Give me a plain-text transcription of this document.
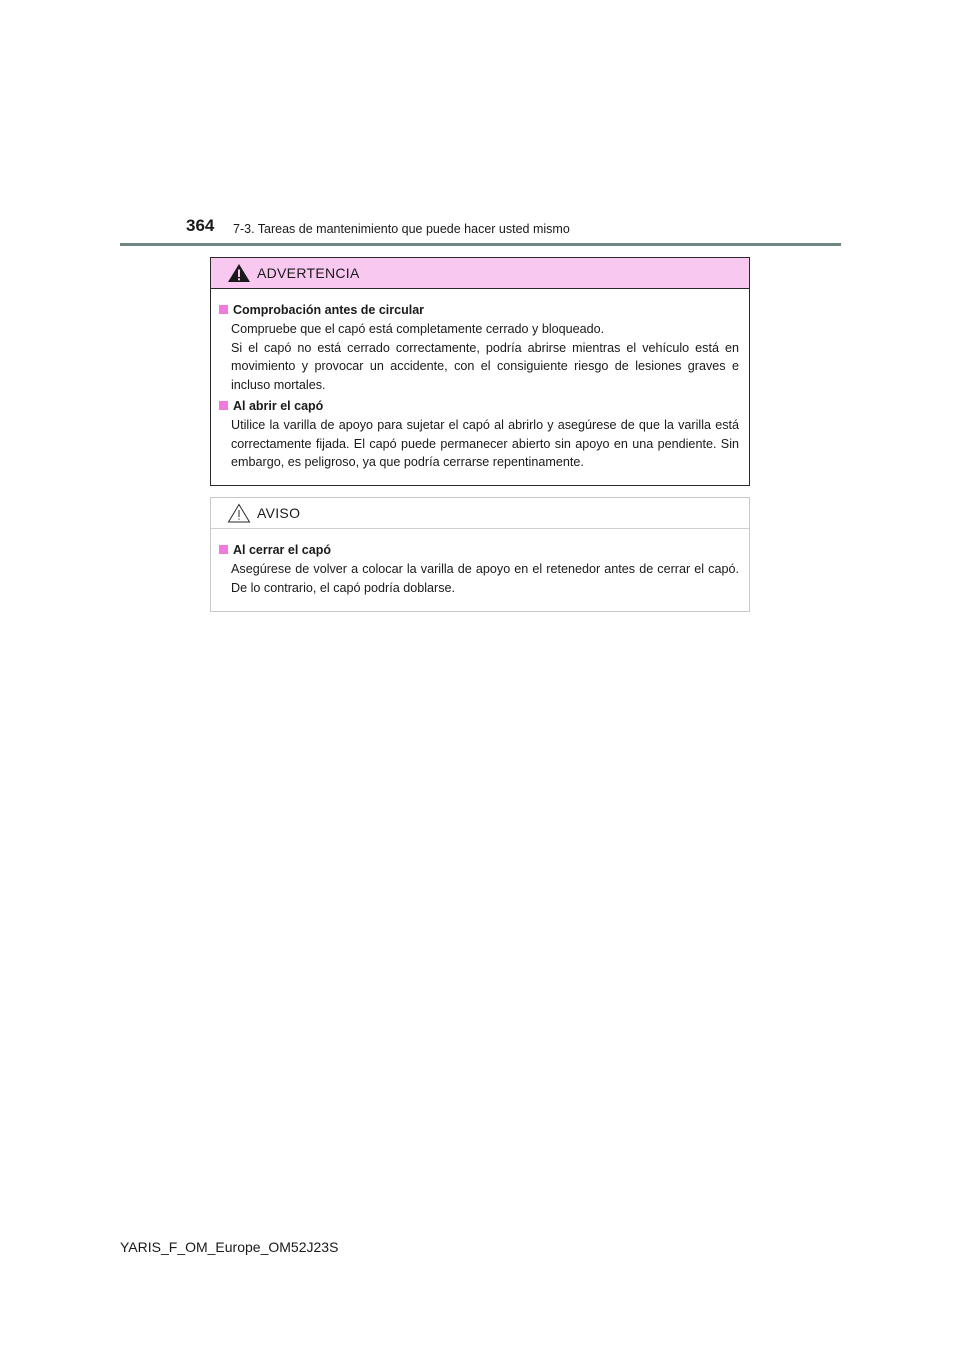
364 7-3. Tareas de mantenimiento que puede hacer usted mismo
ADVERTENCIA
Comprobación antes de circular
Compruebe que el capó está completamente cerrado y bloqueado.
Si el capó no está cerrado correctamente, podría abrirse mientras el vehículo está en movimiento y provocar un accidente, con el consiguiente riesgo de lesiones graves e incluso mortales.
Al abrir el capó
Utilice la varilla de apoyo para sujetar el capó al abrirlo y asegúrese de que la varilla está correctamente fijada. El capó puede permanecer abierto sin apoyo en una pendiente. Sin embargo, es peligroso, ya que podría cerrarse repentinamente.
AVISO
Al cerrar el capó
Asegúrese de volver a colocar la varilla de apoyo en el retenedor antes de cerrar el capó. De lo contrario, el capó podría doblarse.
YARIS_F_OM_Europe_OM52J23S
